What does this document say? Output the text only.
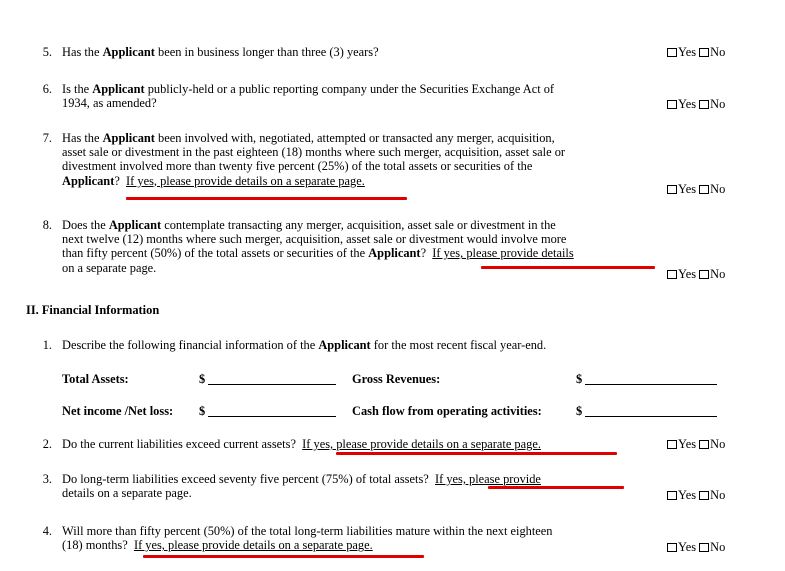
5. Has the Applicant been in business longer than three (3) years?	Yes No
6. Is the Applicant publicly-held or a public reporting company under the Securities Exchange Act of
1934, as amended?	Yes No
7. Has the Applicant been involved with, negotiated, attempted or transacted any merger, acquisition,
asset sale or divestment in the past eighteen (18) months where such merger, acquisition, asset sale or
divestment involved more than twenty five percent (25%) of the total assets or securities of the
Applicant?  If yes, please provide details on a separate page.
Yes No
8. Does the Applicant contemplate transacting any merger, acquisition, asset sale or divestment in the
next twelve (12) months where such merger, acquisition, asset sale or divestment would involve more
than fifty percent (50%) of the total assets or securities of the Applicant?  If yes, please provide details
on a separate page.	Yes No
II. Financial Information
1. Describe the following financial information of the Applicant for the most recent fiscal year-end.
Total Assets:	$	Gross Revenues:	$
Net income /Net loss: $	Cash flow from operating activities:	$
2. Do the current liabilities exceed current assets?  If yes, please provide details on a separate page.	Yes No
3. Do long-term liabilities exceed seventy five percent (75%) of total assets?  If yes, please provide
details on a separate page.	Yes No
4. Will more than fifty percent (50%) of the total long-term liabilities mature within the next eighteen
(18) months?  If yes, please provide details on a separate page.	Yes No
